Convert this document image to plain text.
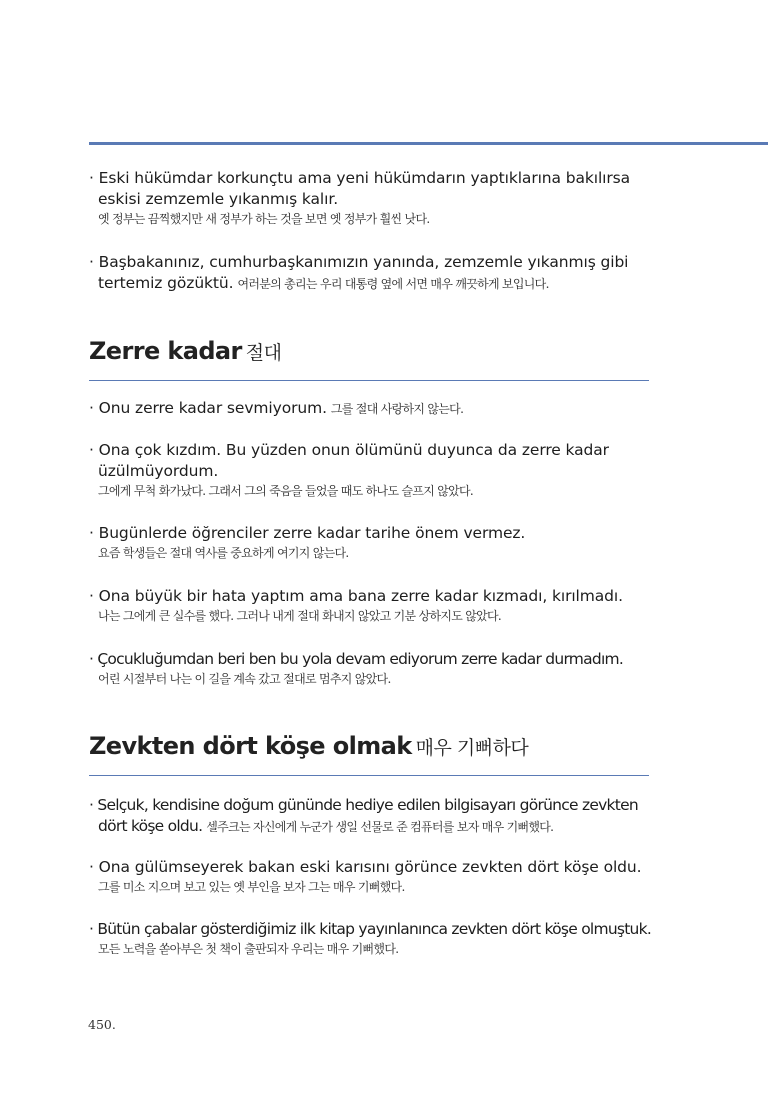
· Eski hükümdar korkunçtu ama yeni hükümdarın yaptıklarına bakılırsa eskisi zemzemle yıkanmış kalır.

옛 정부는 끔찍했지만 새 정부가 하는 것을 보면 옛 정부가 훨씬 낫다.

· Başbakanınız, cumhurbaşkanımızın yanında, zemzemle yıkanmış gibi tertemiz gözüktü. 여러분의 총리는 우리 대통령 옆에 서면 매우 깨끗하게 보입니다.

Zerre kadar 절대

· Onu zerre kadar sevmiyorum. 그를 절대 사랑하지 않는다.

· Ona çok kızdım. Bu yüzden onun ölümünü duyunca da zerre kadar üzülmüyordum.

그에게 무척 화가났다. 그래서 그의 죽음을 들었을 때도 하나도 슬프지 않았다.

· Bugünlerde öğrenciler zerre kadar tarihe önem vermez.

요즘 학생들은 절대 역사를 중요하게 여기지 않는다.

· Ona büyük bir hata yaptım ama bana zerre kadar kızmadı, kırılmadı.

나는 그에게 큰 실수를 했다. 그러나 내게 절대 화내지 않았고 기분 상하지도 않았다.

· Çocukluğumdan beri ben bu yola devam ediyorum zerre kadar durmadım.

어린 시절부터 나는 이 길을 계속 갔고 절대로 멈추지 않았다.
Zevkten dört köşe olmak 매우 기뻐하다

· Selçuk, kendisine doğum gününde hediye edilen bilgisayarı görünce zevkten dört köşe oldu. 셀주크는 자신에게 누군가 생일 선물로 준 컴퓨터를 보자 매우 기뻐했다.

· Ona gülümseyerek bakan eski karısını görünce zevkten dört köşe oldu.

그를 미소 지으며 보고 있는 옛 부인을 보자 그는 매우 기뻐했다.

· Bütün çabalar gösterdiğimiz ilk kitap yayınlanınca zevkten dört köşe olmuştuk.

모든 노력을 쏟아부은 첫 책이 출판되자 우리는 매우 기뻐했다.
450.
